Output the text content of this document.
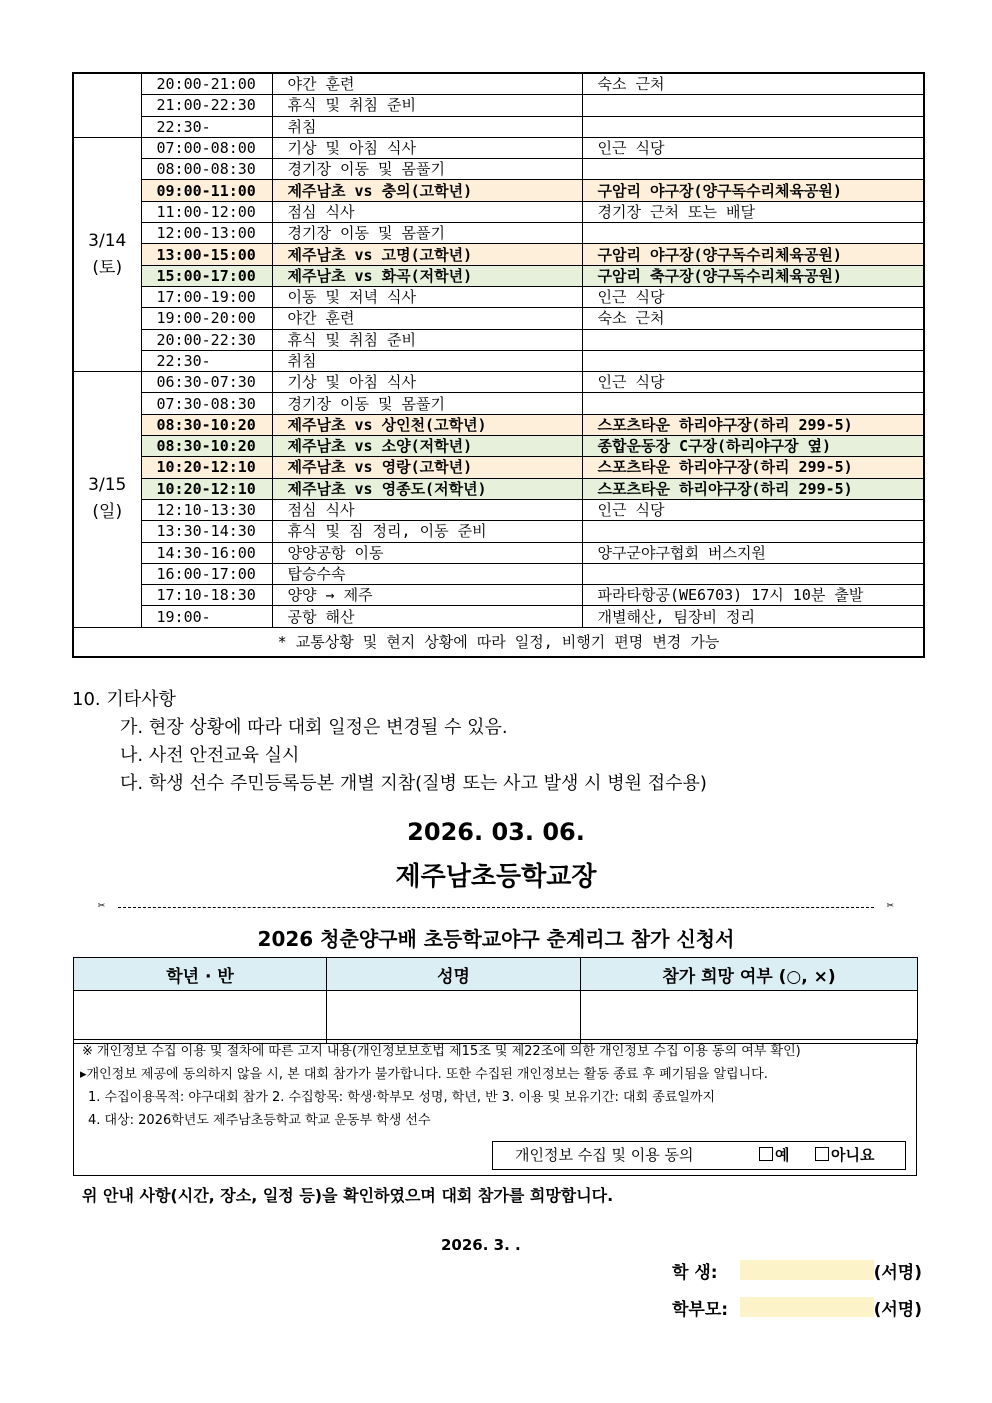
	20:00-21:00	야간 훈련	숙소 근처
	21:00-22:30	휴식 및 취침 준비	
	22:30-	취침	
3/14
(토)	07:00-08:00	기상 및 아침 식사	인근 식당
	08:00-08:30	경기장 이동 및 몸풀기	
	09:00-11:00	제주남초 vs 충의(고학년)	구암리 야구장(양구독수리체육공원)
	11:00-12:00	점심 식사	경기장 근처 또는 배달
	12:00-13:00	경기장 이동 및 몸풀기	
	13:00-15:00	제주남초 vs 고명(고학년)	구암리 야구장(양구독수리체육공원)
	15:00-17:00	제주남초 vs 화곡(저학년)	구암리 축구장(양구독수리체육공원)
	17:00-19:00	이동 및 저녁 식사	인근 식당
	19:00-20:00	야간 훈련	숙소 근처
	20:00-22:30	휴식 및 취침 준비	
	22:30-	취침	
3/15
(일)	06:30-07:30	기상 및 아침 식사	인근 식당
	07:30-08:30	경기장 이동 및 몸풀기	
	08:30-10:20	제주남초 vs 상인천(고학년)	스포츠타운 하리야구장(하리 299-5)
	08:30-10:20	제주남초 vs 소양(저학년)	종합운동장 C구장(하리야구장 옆)
	10:20-12:10	제주남초 vs 영랑(고학년)	스포츠타운 하리야구장(하리 299-5)
	10:20-12:10	제주남초 vs 영종도(저학년)	스포츠타운 하리야구장(하리 299-5)
	12:10-13:30	점심 식사	인근 식당
	13:30-14:30	휴식 및 짐 정리, 이동 준비	
	14:30-16:00	양양공항 이동	양구군야구협회 버스지원
	16:00-17:00	탑승수속	
	17:10-18:30	양양 → 제주	파라타항공(WE6703) 17시 10분 출발
	19:00-	공항 해산	개별해산, 팀장비 정리
* 교통상황 및 현지 상황에 따라 일정, 비행기 편명 변경 가능			
10. 기타사항
가. 현장 상황에 따라 대회 일정은 변경될 수 있음.
나. 사전 안전교육 실시
다. 학생 선수 주민등록등본 개별 지참(질병 또는 사고 발생 시 병원 접수용)
2026. 03. 06.
제주남초등학교장
✂	✂
2026 청춘양구배 초등학교야구 춘계리그 참가 신청서
학년 · 반	성명	참가 희망 여부 (○, ×)

※ 개인정보 수집 이용 및 절차에 따른 고지 내용(개인정보보호법 제15조 및 제22조에 의한 개인정보 수집 이용 동의 여부 확인)
▸개인정보 제공에 동의하지 않을 시, 본 대회 참가가 불가합니다. 또한 수집된 개인정보는 활동 종료 후 폐기됨을 알립니다.
1. 수집이용목적: 야구대회 참가 2. 수집항목: 학생·학부모 성명, 학년, 반 3. 이용 및 보유기간: 대회 종료일까지
4. 대상: 2026학년도 제주남초등학교 학교 운동부 학생 선수
개인정보 수집 및 이용 동의	예	아니요
위 안내 사항(시간, 장소, 일정 등)을 확인하였으며 대회 참가를 희망합니다.
2026. 3. .
학 생:	(서명)
학부모:	(서명)
